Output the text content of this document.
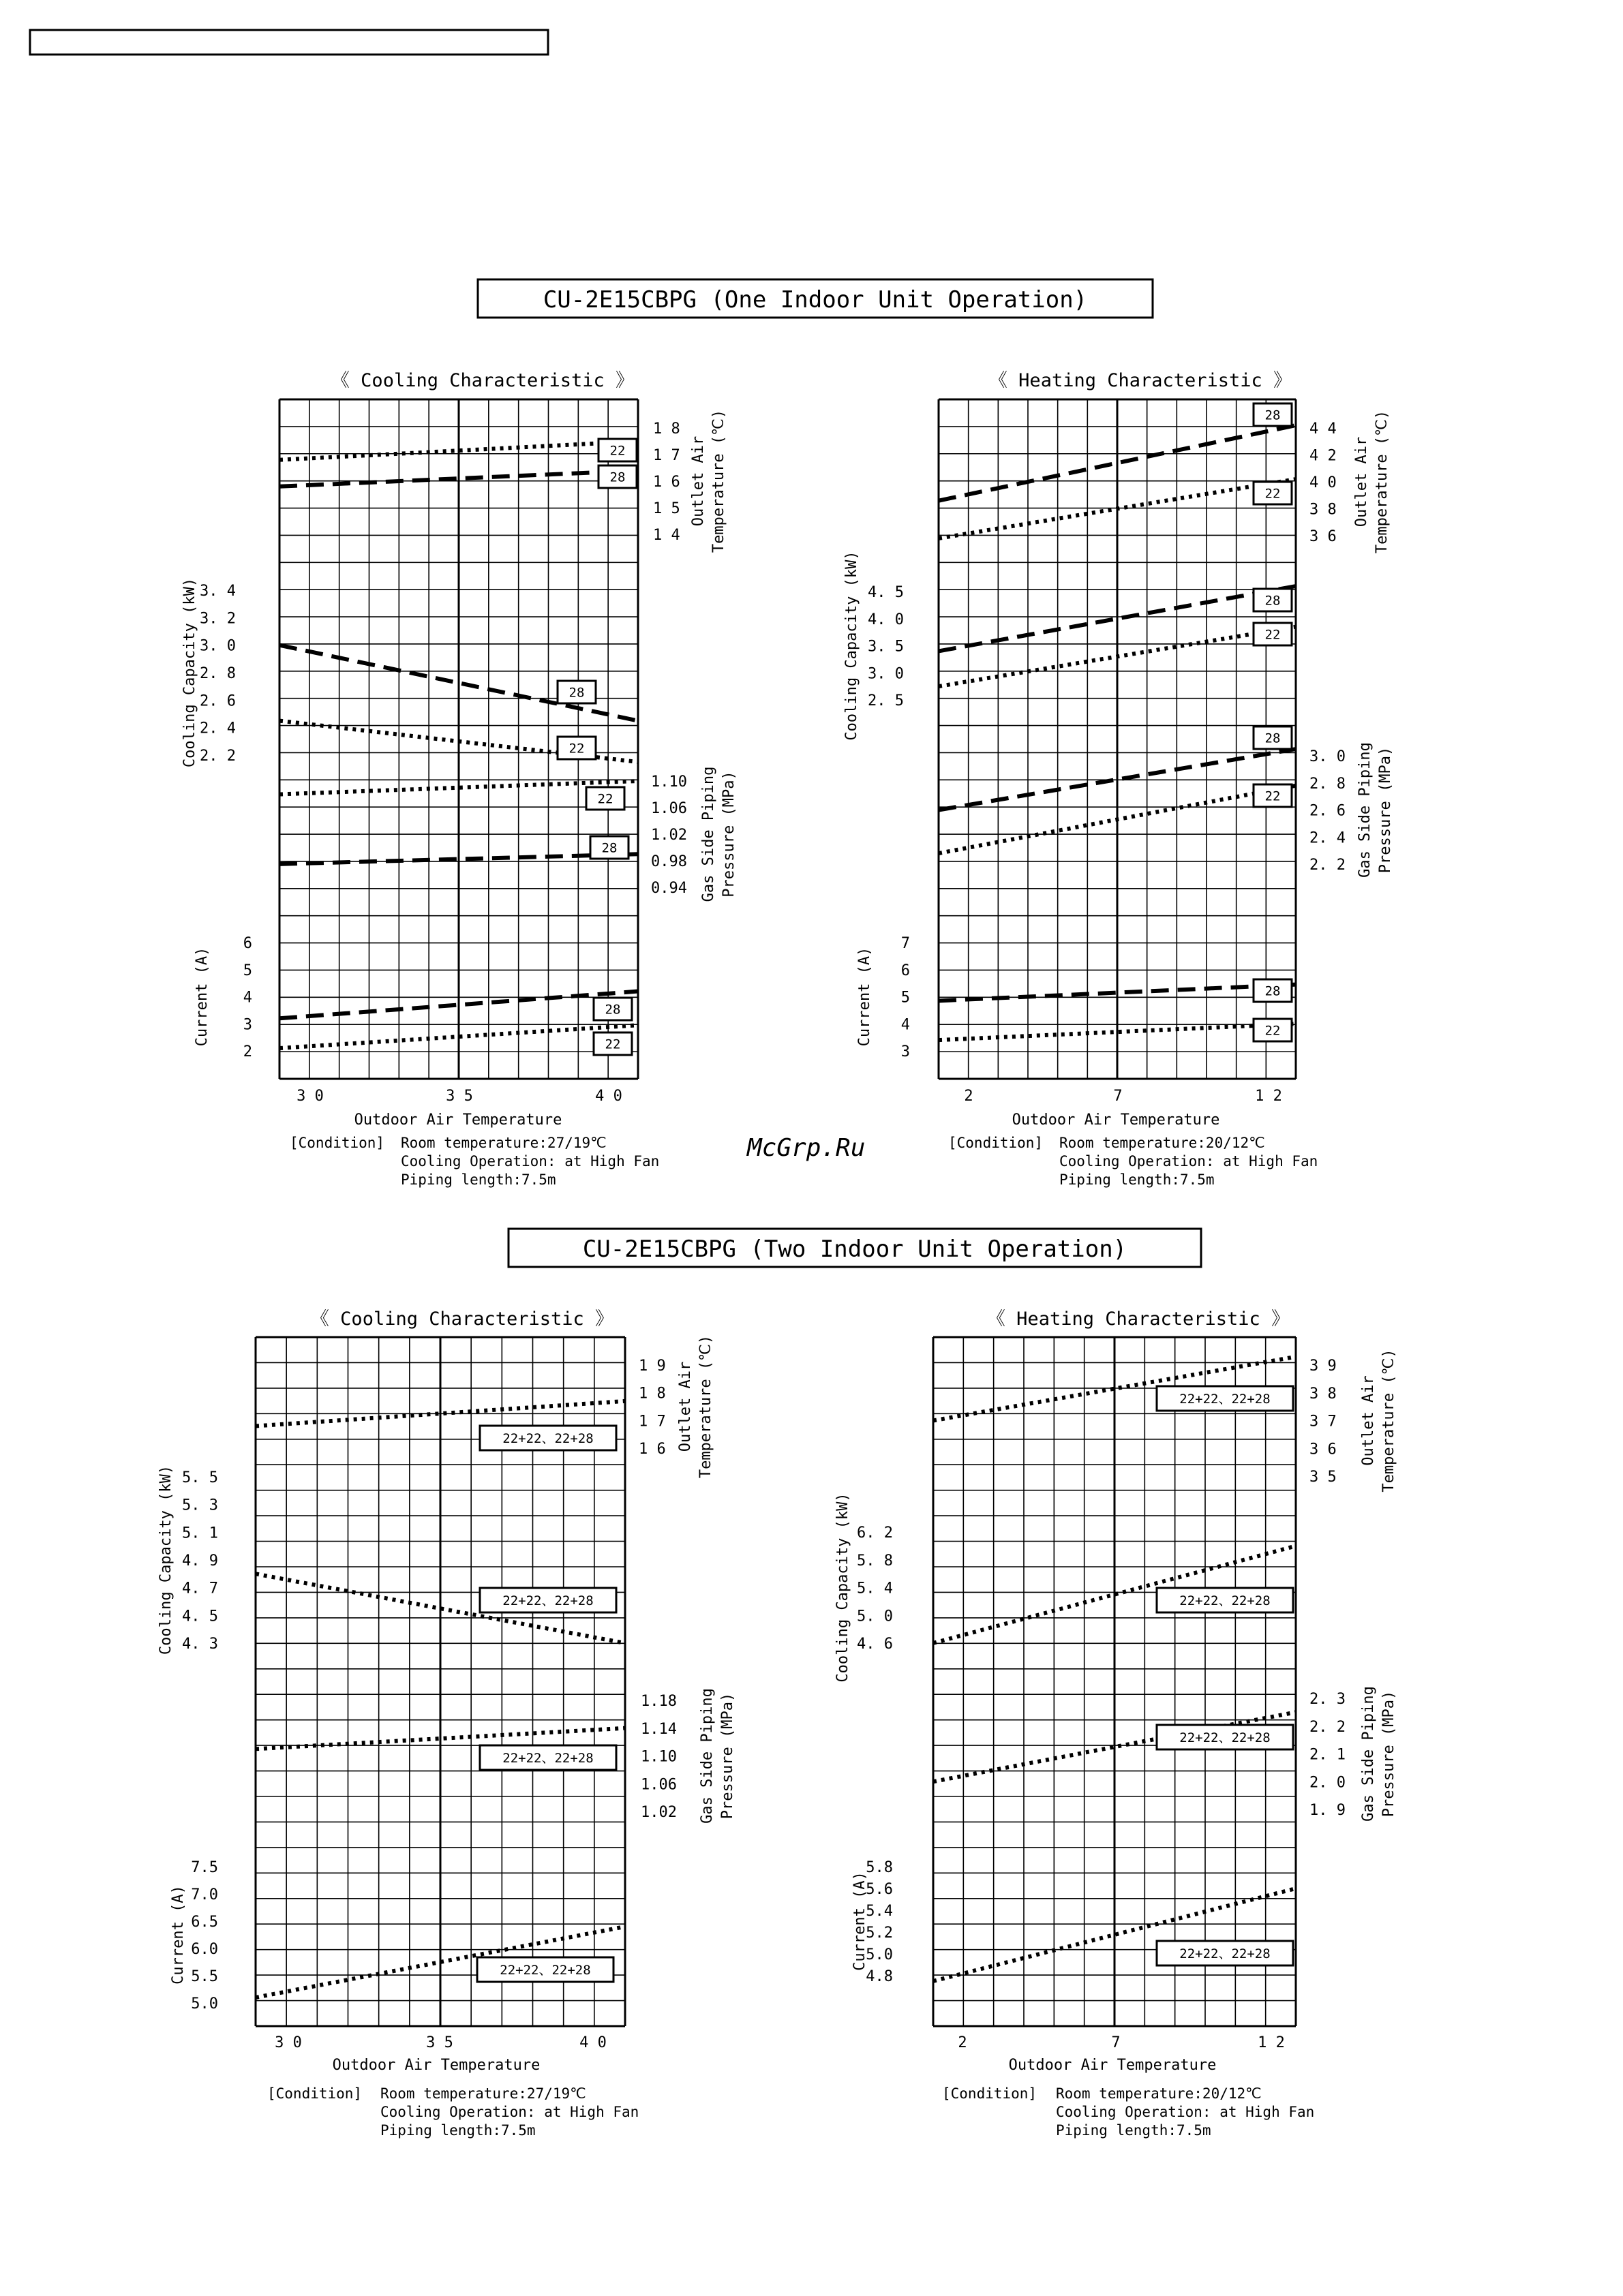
CU-2E15CBPG (One Indoor Unit Operation)
CU-2E15CBPG (Two Indoor Unit Operation)
McGrp.Ru
《 Cooling Characteristic 》
1 8
1 7
1 6
1 5
1 4
Outlet Air Temperature (℃)
22
28
3. 4
3. 2
3. 0
2. 8
2. 6
2. 4
2. 2
Cooling Capacity (kW)	28
22
1.10
1.06
1.02
0.98
0.94 Gas Side Piping Pressure (MPa)
22
28
6
5
4
3
2
Current (A)	28
22
3 0	3 5	4 0
Outdoor Air Temperature
[Condition] Room temperature:27/19℃
Cooling Operation: at High Fan
Piping length:7.5m
《 Heating Characteristic 》
4 4
4 2
4 0
3 8
3 6
Outlet Air Temperature (℃)
28
22
4. 5
4. 0
3. 5
3. 0
2. 5
Cooling Capacity (kW)	28
22
3. 0
2. 8
2. 6
2. 4
2. 2 Gas Side Piping Pressure (MPa)
28
22
7
6
5
4
3
Current (A)	28
22
2	7	1 2
Outdoor Air Temperature
[Condition] Room temperature:20/12℃
Cooling Operation: at High Fan
Piping length:7.5m
《 Cooling Characteristic 》
1 9
1 8
1 7
1 6 Outlet Air Temperature (℃)
22+22、22+28
5. 5
5. 3
5. 1
4. 9
4. 7
4. 5
4. 3
Cooling Capacity (kW)	22+22、22+28
1.18
1.14
1.10
1.06
1.02 Gas Side Piping Pressure (MPa)
22+22、22+28
7.5
7.0
6.5
6.0
5.5
5.0
Current (A)	22+22、22+28
3 0	3 5	4 0
Outdoor Air Temperature
[Condition] Room temperature:27/19℃
Cooling Operation: at High Fan
Piping length:7.5m
《 Heating Characteristic 》
3 9
3 8
3 7
3 6
3 5
Outlet Air Temperature (℃)
22+22、22+28
6. 2
5. 8
5. 4
5. 0
4. 6
Cooling Capacity (kW)	22+22、22+28
2. 3
2. 2
2. 1
2. 0
1. 9 Gas Side Piping Pressure (MPa)
22+22、22+28
5.8
5.6
5.4
5.2
5.0
4.8
Current (A)	22+22、22+28
2	7	1 2
Outdoor Air Temperature
[Condition] Room temperature:20/12℃
Cooling Operation: at High Fan
Piping length:7.5m
